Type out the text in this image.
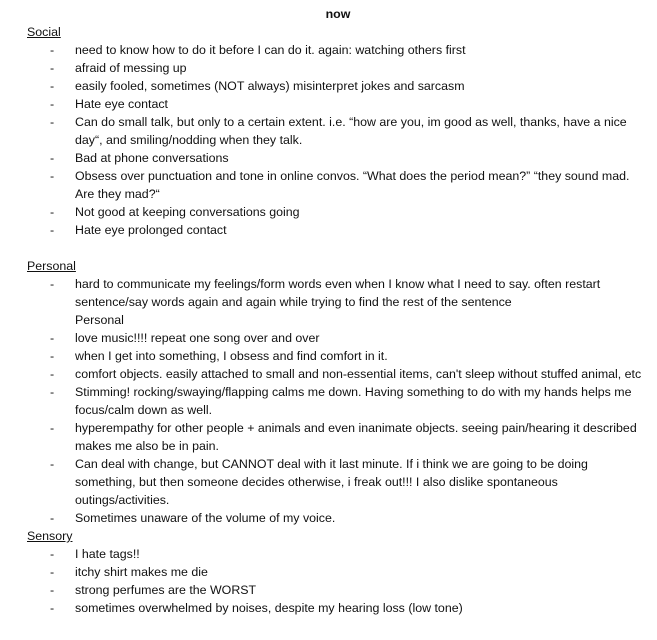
now
Social
- need to know how to do it before I can do it. again: watching others first
- afraid of messing up
- easily fooled, sometimes (NOT always) misinterpret jokes and sarcasm
- Hate eye contact
- Can do small talk, but only to a certain extent. i.e. “how are you, im good as well, thanks, have a nice day“, and smiling/nodding when they talk.
- Bad at phone conversations
- Obsess over punctuation and tone in online convos. “What does the period mean?” “they sound mad. Are they mad?“
- Not good at keeping conversations going
- Hate eye prolonged contact
Personal
- hard to communicate my feelings/form words even when I know what I need to say. often restart sentence/say words again and again while trying to find the rest of the sentence
Personal
- love music!!!! repeat one song over and over
- when I get into something, I obsess and find comfort in it.
- comfort objects. easily attached to small and non-essential items, can't sleep without stuffed animal, etc
- Stimming! rocking/swaying/flapping calms me down. Having something to do with my hands helps me focus/calm down as well.
- hyperempathy for other people + animals and even inanimate objects. seeing pain/hearing it described makes me also be in pain.
- Can deal with change, but CANNOT deal with it last minute. If i think we are going to be doing something, but then someone decides otherwise, i freak out!!! I also dislike spontaneous outings/activities.
- Sometimes unaware of the volume of my voice.
Sensory
- I hate tags!!
- itchy shirt makes me die
- strong perfumes are the WORST
- sometimes overwhelmed by noises, despite my hearing loss (low tone)
